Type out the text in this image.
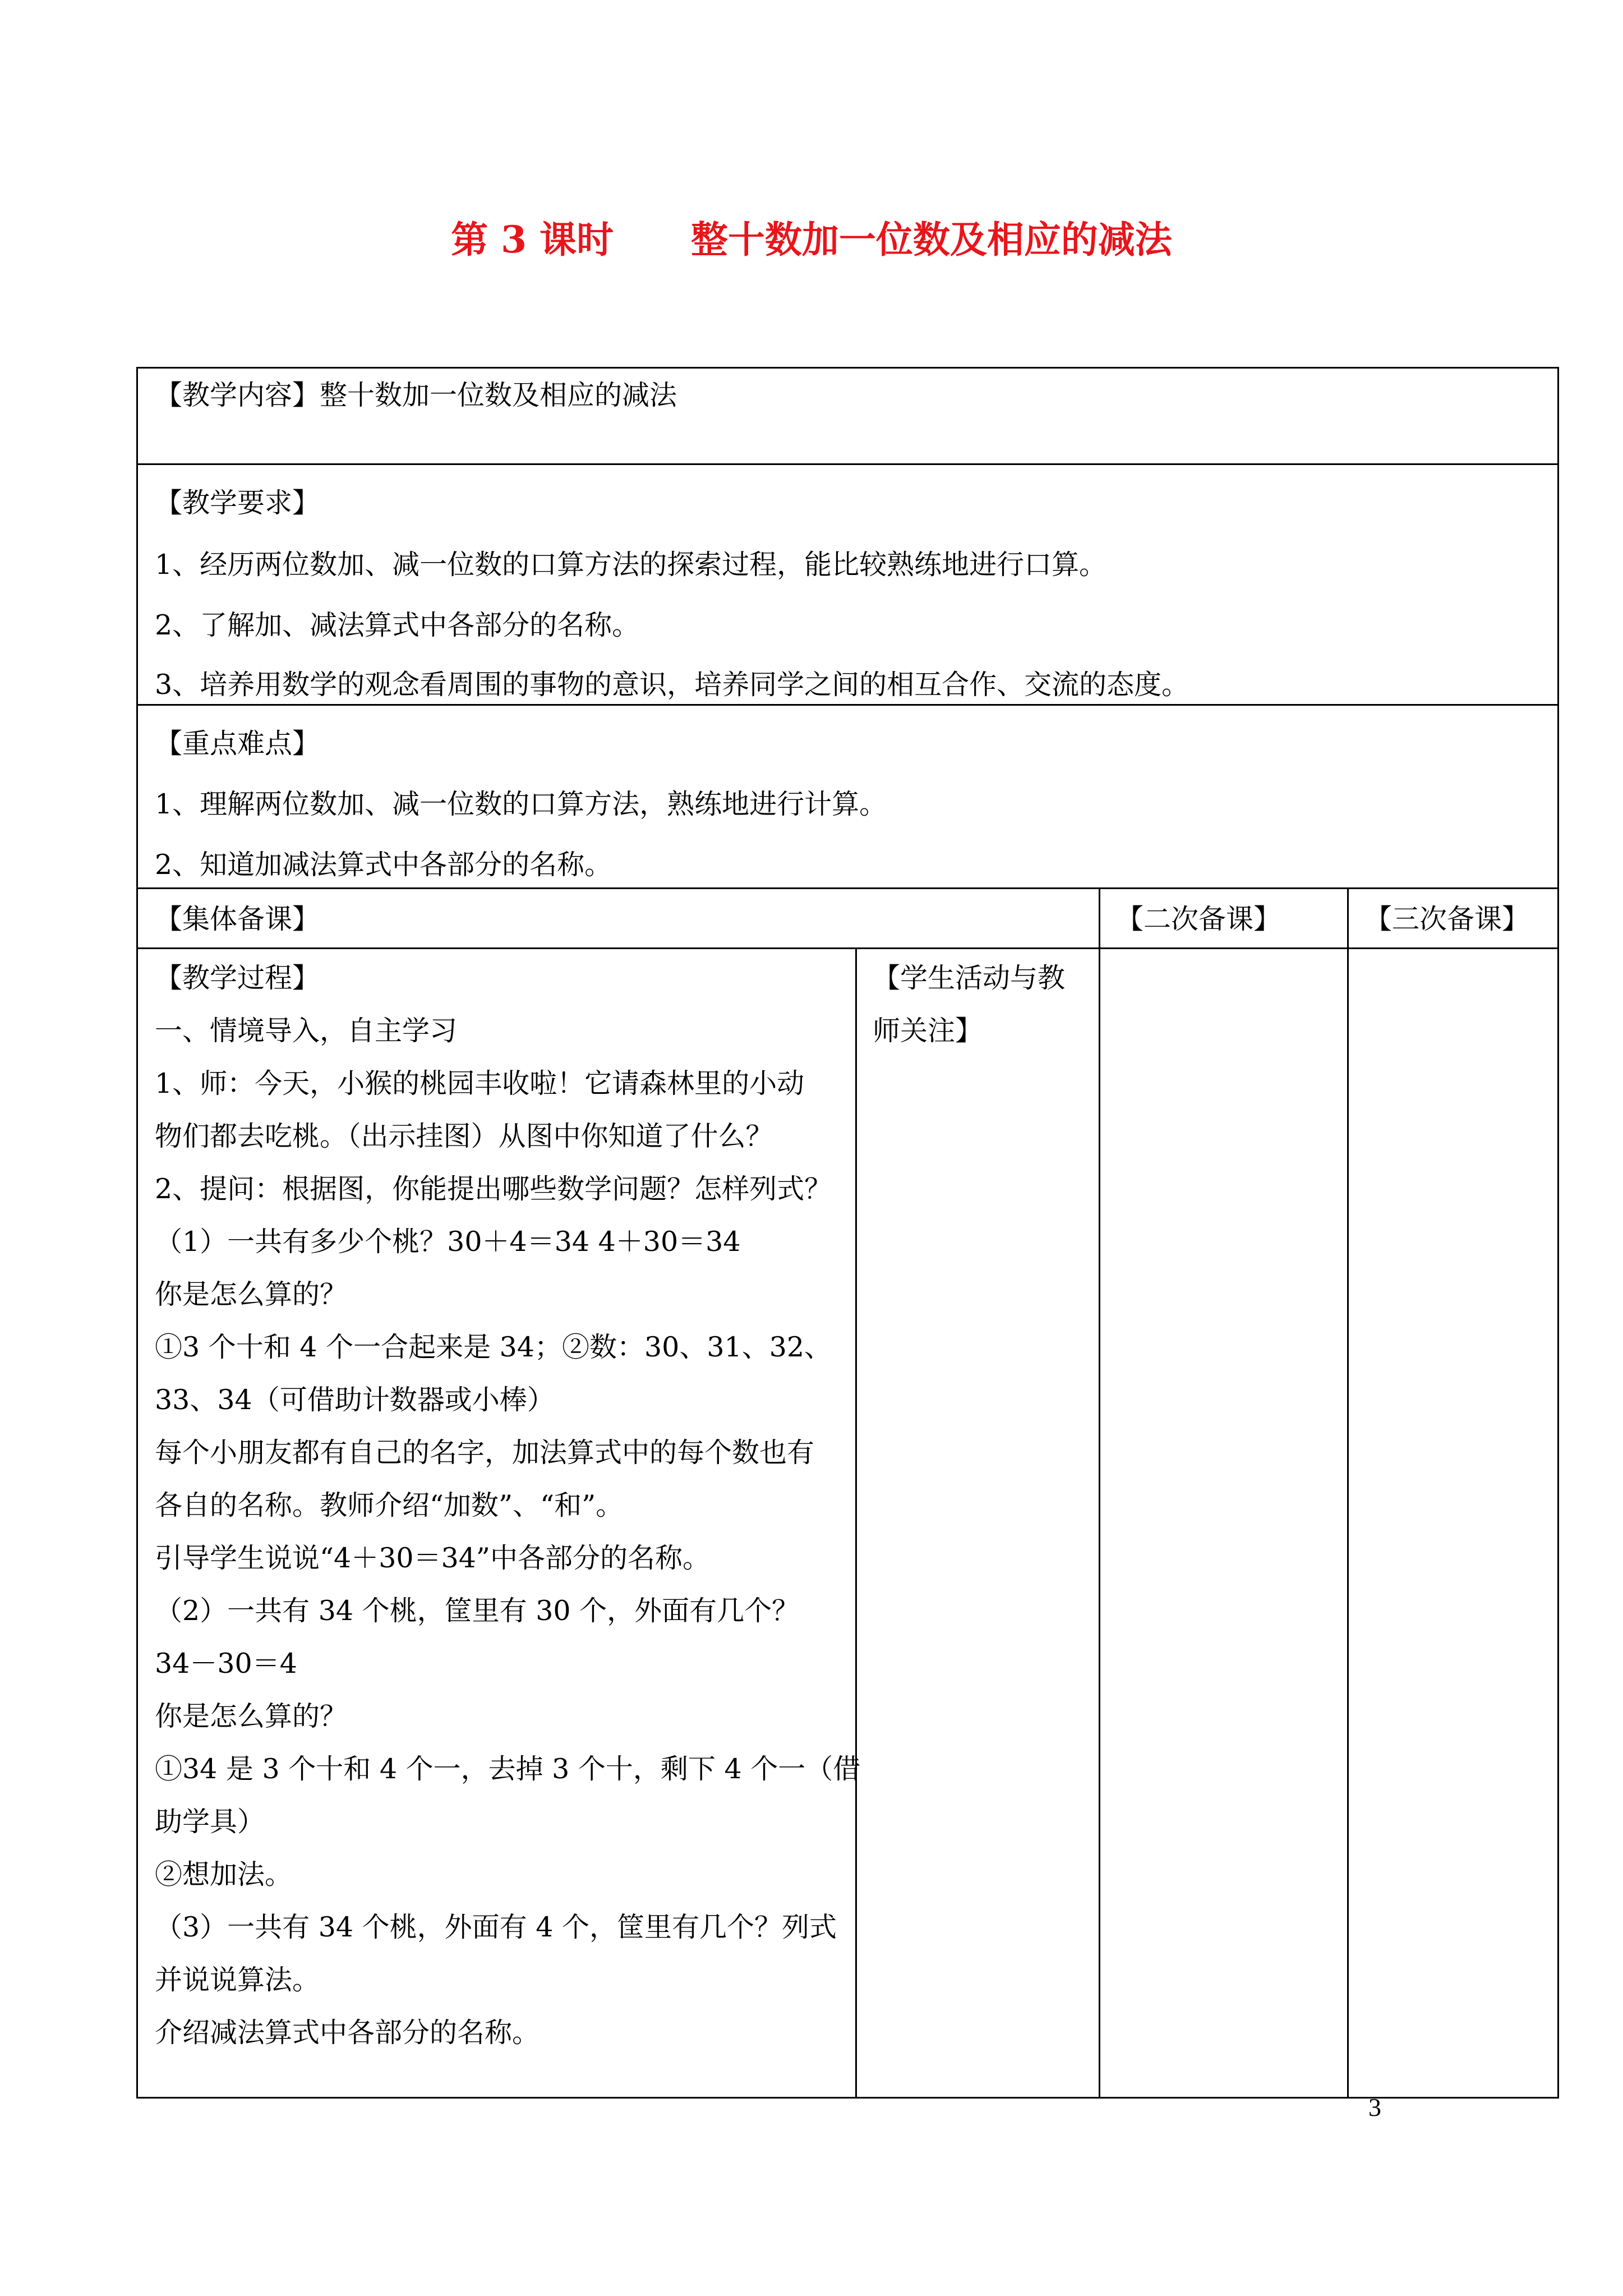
第 3 课时      整十数加一位数及相应的减法
【教学内容】整十数加一位数及相应的减法
【教学要求】
1、经历两位数加、减一位数的口算方法的探索过程，能比较熟练地进行口算。
2、了解加、减法算式中各部分的名称。
3、培养用数学的观念看周围的事物的意识，培养同学之间的相互合作、交流的态度。
【重点难点】
1、理解两位数加、减一位数的口算方法，熟练地进行计算。
2、知道加减法算式中各部分的名称。
【集体备课】	【二次备课】	【三次备课】
【教学过程】
一、情境导入，自主学习
1、师：今天，小猴的桃园丰收啦！它请森林里的小动
物们都去吃桃。（出示挂图）从图中你知道了什么？
2、提问：根据图，你能提出哪些数学问题？怎样列式？
（1）一共有多少个桃？30＋4＝34 4＋30＝34
你是怎么算的？
①3 个十和 4 个一合起来是 34；②数：30、31、32、
33、34（可借助计数器或小棒）
每个小朋友都有自己的名字，加法算式中的每个数也有
各自的名称。教师介绍“加数”、“和”。
引导学生说说“4＋30＝34”中各部分的名称。
（2）一共有 34 个桃，筐里有 30 个，外面有几个？
34－30＝4
你是怎么算的？
①34 是 3 个十和 4 个一，去掉 3 个十，剩下 4 个一（借
助学具）
②想加法。
（3）一共有 34 个桃，外面有 4 个，筐里有几个？列式
并说说算法。
介绍减法算式中各部分的名称。
【学生活动与教
师关注】
3
